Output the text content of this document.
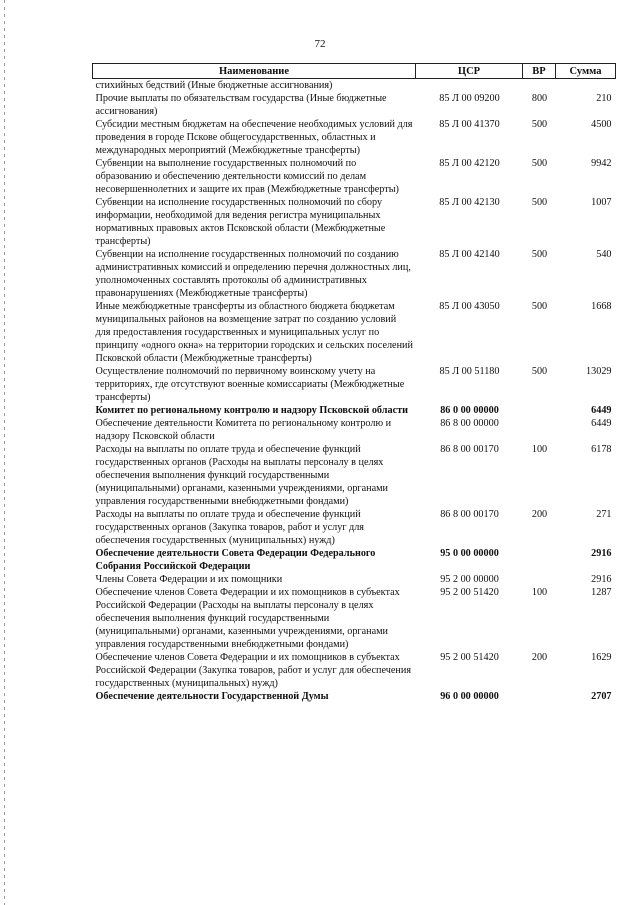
72
Наименование	ЦСР	ВР	Сумма
стихийных бедствий (Иные бюджетные ассигнования)			
Прочие выплаты по обязательствам государства (Иные бюджетные ассигнования)	85 Л 00 09200	800	210
Субсидии местным бюджетам на обеспечение необходимых условий для проведения в городе Пскове общегосударственных, областных и международных мероприятий (Межбюджетные трансферты)	85 Л 00 41370	500	4500
Субвенции на выполнение государственных полномочий по образованию и обеспечению деятельности комиссий по делам несовершеннолетних и защите их прав (Межбюджетные трансферты)	85 Л 00 42120	500	9942
Субвенции на исполнение государственных полномочий по сбору информации, необходимой для ведения регистра муниципальных нормативных правовых актов Псковской области (Межбюджетные трансферты)	85 Л 00 42130	500	1007
Субвенции на исполнение государственных полномочий по созданию административных комиссий и определению перечня должностных лиц, уполномоченных составлять протоколы об административных правонарушениях (Межбюджетные трансферты)	85 Л 00 42140	500	540
Иные межбюджетные трансферты из областного бюджета бюджетам муниципальных районов на возмещение затрат по созданию условий для предоставления государственных и муниципальных услуг по принципу «одного окна» на территории городских и сельских поселений Псковской области (Межбюджетные трансферты)	85 Л 00 43050	500	1668
Осуществление полномочий по первичному воинскому учету на территориях, где отсутствуют военные комиссариаты (Межбюджетные трансферты)	85 Л 00 51180	500	13029
Комитет по региональному контролю и надзору Псковской области	86 0 00 00000		6449
Обеспечение деятельности Комитета по региональному контролю и надзору Псковской области	86 8 00 00000		6449
Расходы на выплаты по оплате труда и обеспечение функций государственных органов (Расходы на выплаты персоналу в целях обеспечения выполнения функций государственными (муниципальными) органами, казенными учреждениями, органами управления государственными внебюджетными фондами)	86 8 00 00170	100	6178
Расходы на выплаты по оплате труда и обеспечение функций государственных органов (Закупка товаров, работ и услуг для обеспечения государственных (муниципальных) нужд)	86 8 00 00170	200	271
Обеспечение деятельности Совета Федерации Федерального Собрания Российской Федерации	95 0 00 00000		2916
Члены Совета Федерации и их помощники	95 2 00 00000		2916
Обеспечение членов Совета Федерации и их помощников в субъектах Российской Федерации (Расходы на выплаты персоналу в целях обеспечения выполнения функций государственными (муниципальными) органами, казенными учреждениями, органами управления государственными внебюджетными фондами)	95 2 00 51420	100	1287
Обеспечение членов Совета Федерации и их помощников в субъектах Российской Федерации (Закупка товаров, работ и услуг для обеспечения государственных (муниципальных) нужд)	95 2 00 51420	200	1629
Обеспечение деятельности Государственной Думы	96 0 00 00000		2707
